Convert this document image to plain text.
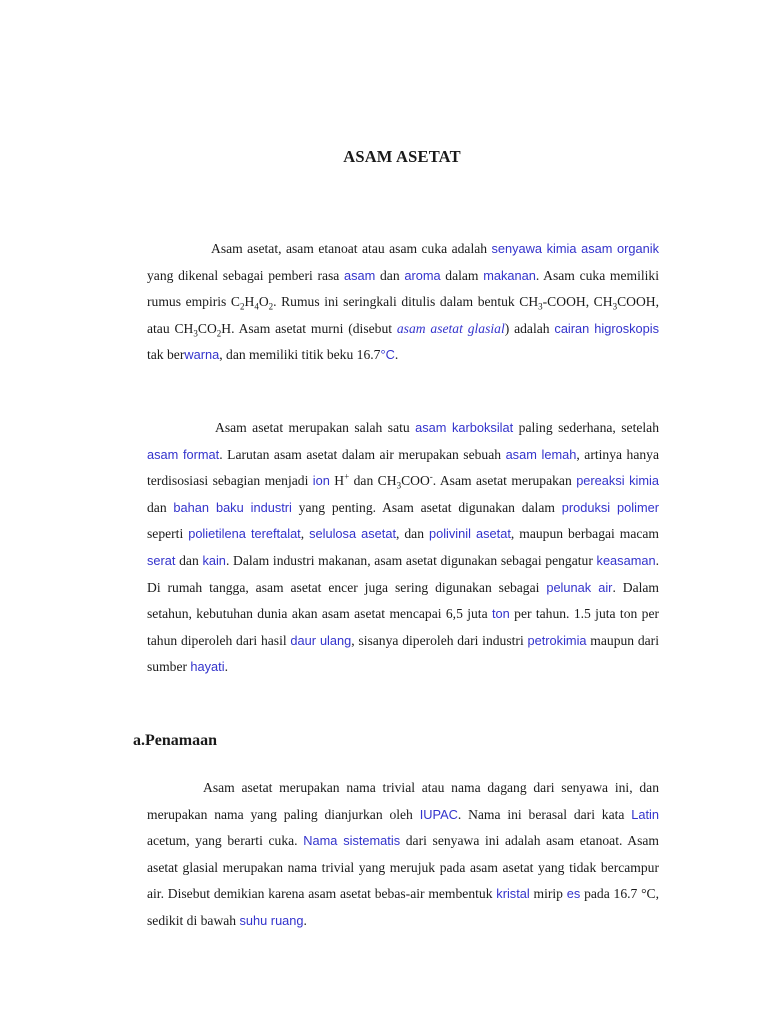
ASAM ASETAT

Asam asetat, asam etanoat atau asam cuka adalah senyawa kimia asam organik yang dikenal sebagai pemberi rasa asam dan aroma dalam makanan. Asam cuka memiliki rumus empiris $C_2H_4O_2$. Rumus ini seringkali ditulis dalam bentuk $CH_3$-COOH, $CH_3COOH$, atau $CH_3CO_2H$. Asam asetat murni (disebut asam asetat glasial) adalah cairan higroskopis tak berwarna, dan memiliki titik beku 16.7°C.

Asam asetat merupakan salah satu asam karboksilat paling sederhana, setelah asam format. Larutan asam asetat dalam air merupakan sebuah asam lemah, artinya hanya terdisosiasi sebagian menjadi ion H+ dan $CH_3COO^-$. Asam asetat merupakan pereaksi kimia dan bahan baku industri yang penting. Asam asetat digunakan dalam produksi polimer seperti polietilena tereftalat, selulosa asetat, dan polivinil asetat, maupun berbagai macam serat dan kain. Dalam industri makanan, asam asetat digunakan sebagai pengatur keasaman. Di rumah tangga, asam asetat encer juga sering digunakan sebagai pelunak air. Dalam setahun, kebutuhan dunia akan asam asetat mencapai 6,5 juta ton per tahun. 1.5 juta ton per tahun diperoleh dari hasil daur ulang, sisanya diperoleh dari industri petrokimia maupun dari sumber hayati.

a.Penamaan

Asam asetat merupakan nama trivial atau nama dagang dari senyawa ini, dan merupakan nama yang paling dianjurkan oleh IUPAC. Nama ini berasal dari kata Latin acetum, yang berarti cuka. Nama sistematis dari senyawa ini adalah asam etanoat. Asam asetat glasial merupakan nama trivial yang merujuk pada asam asetat yang tidak bercampur air. Disebut demikian karena asam asetat bebas-air membentuk kristal mirip es pada 16.7 °C, sedikit di bawah suhu ruang.
